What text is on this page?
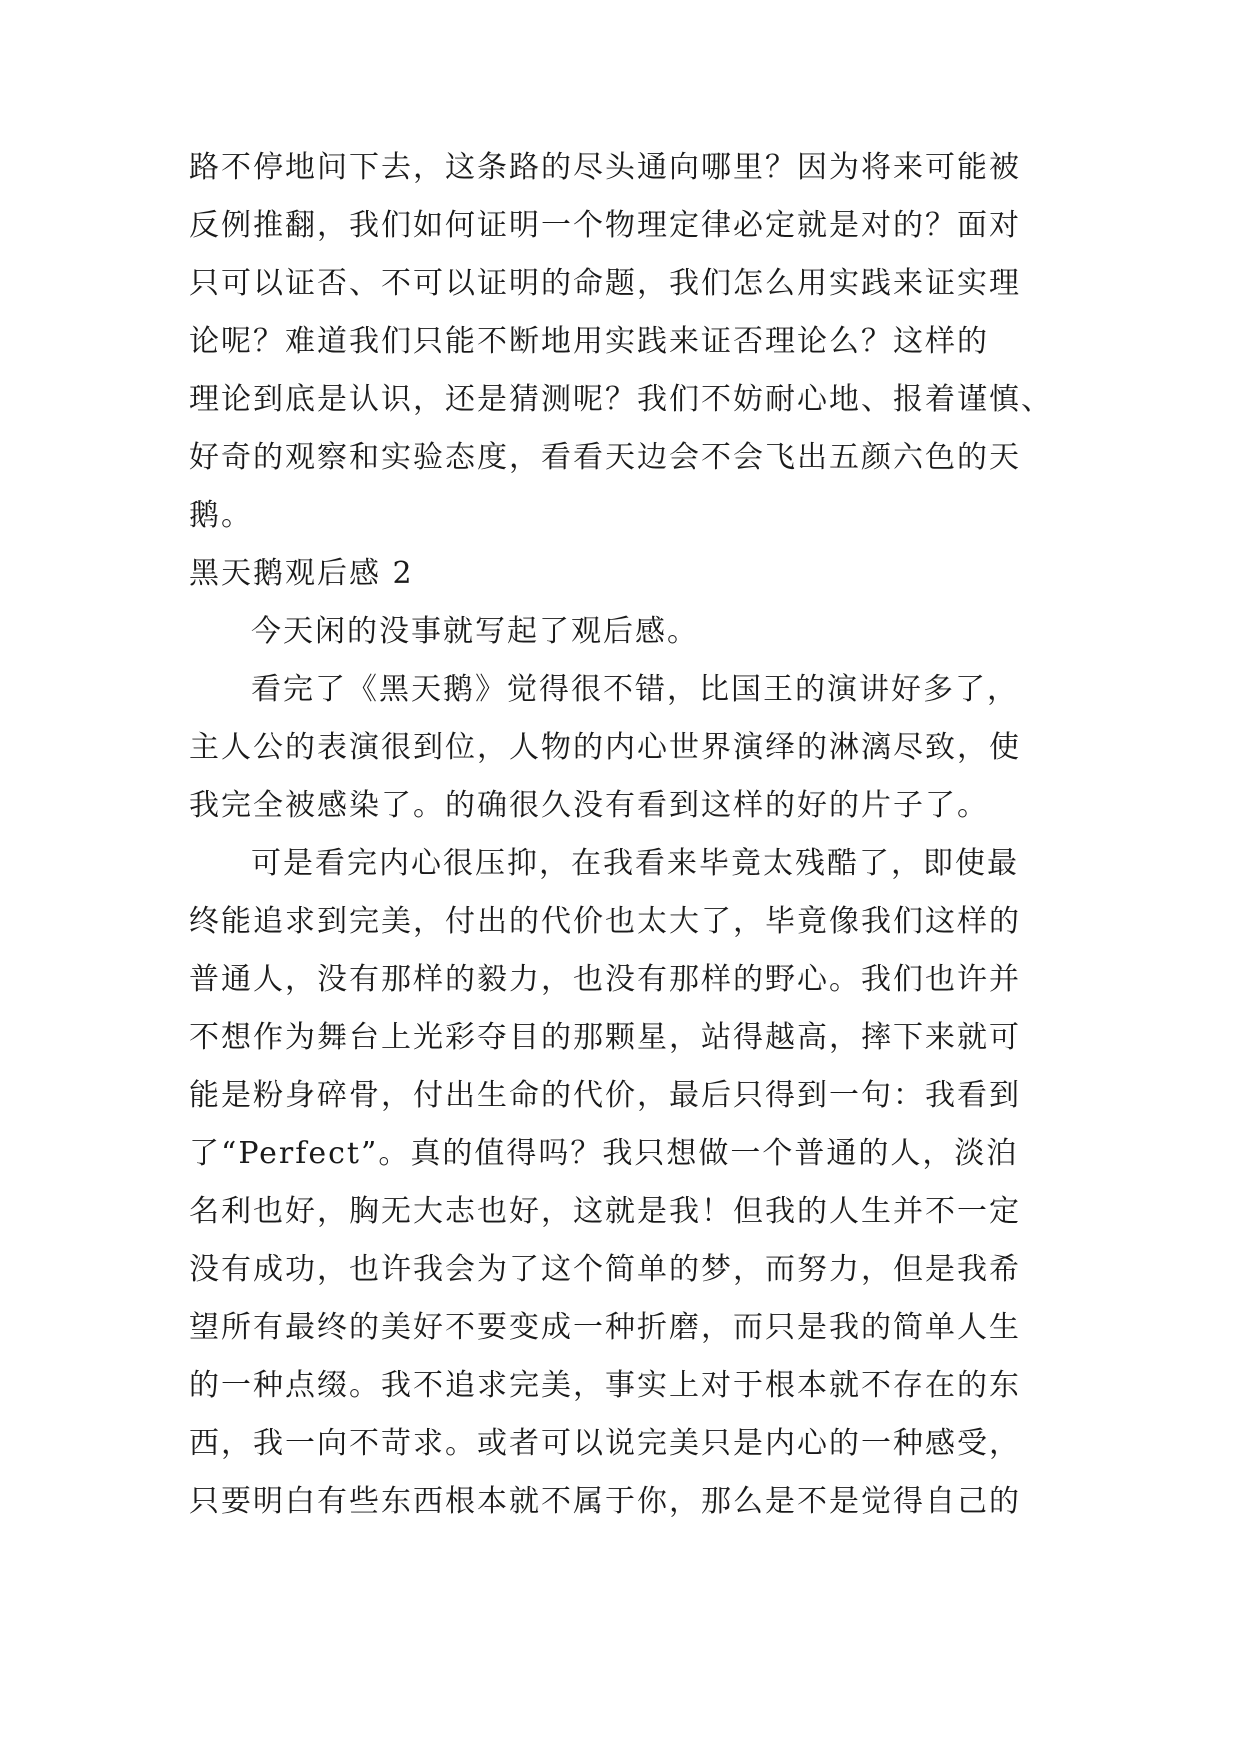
路不停地问下去，这条路的尽头通向哪里？因为将来可能被
反例推翻，我们如何证明一个物理定律必定就是对的？面对
只可以证否、不可以证明的命题，我们怎么用实践来证实理
论呢？难道我们只能不断地用实践来证否理论么？这样的
理论到底是认识，还是猜测呢？我们不妨耐心地、报着谨慎、
好奇的观察和实验态度，看看天边会不会飞出五颜六色的天
鹅。
黑天鹅观后感 2
今天闲的没事就写起了观后感。
看完了《黑天鹅》觉得很不错，比国王的演讲好多了，
主人公的表演很到位，人物的内心世界演绎的淋漓尽致，使
我完全被感染了。的确很久没有看到这样的好的片子了。
可是看完内心很压抑，在我看来毕竟太残酷了，即使最
终能追求到完美，付出的代价也太大了，毕竟像我们这样的
普通人，没有那样的毅力，也没有那样的野心。我们也许并
不想作为舞台上光彩夺目的那颗星，站得越高，摔下来就可
能是粉身碎骨，付出生命的代价，最后只得到一句：我看到
了“Perfect”。真的值得吗？我只想做一个普通的人，淡泊
名利也好，胸无大志也好，这就是我！但我的人生并不一定
没有成功，也许我会为了这个简单的梦，而努力，但是我希
望所有最终的美好不要变成一种折磨，而只是我的简单人生
的一种点缀。我不追求完美，事实上对于根本就不存在的东
西，我一向不苛求。或者可以说完美只是内心的一种感受，
只要明白有些东西根本就不属于你，那么是不是觉得自己的
